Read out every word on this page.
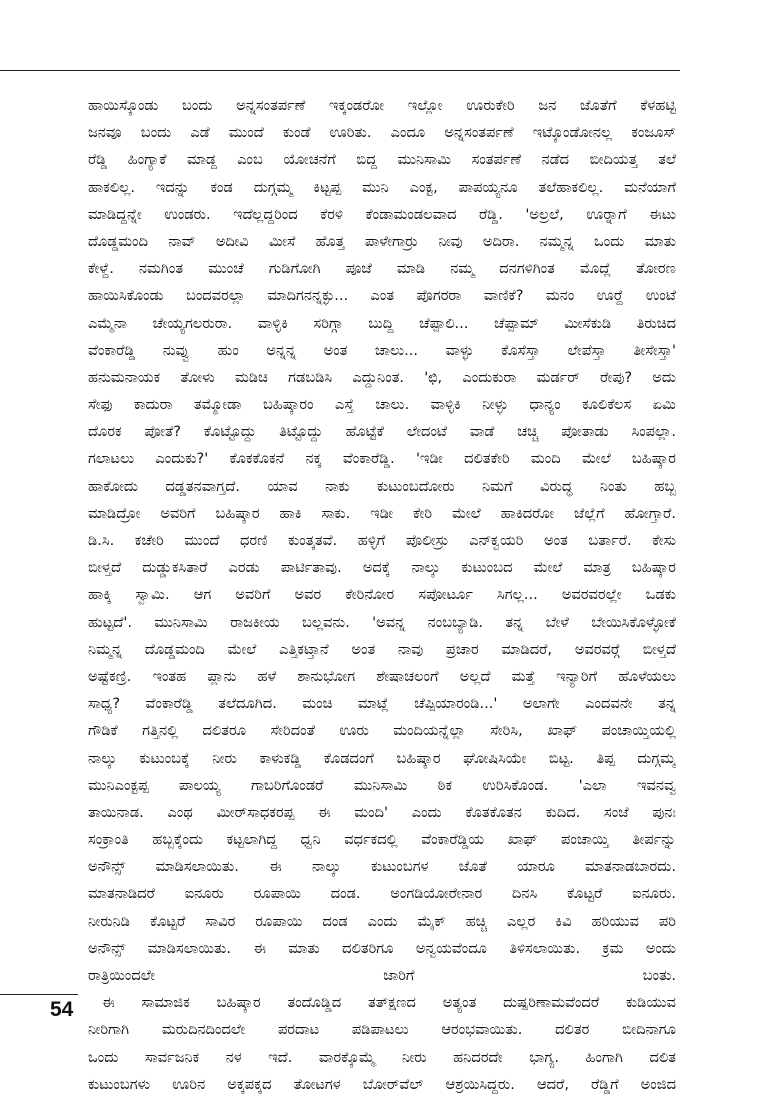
ಹಾಯಿಸ್ಕೊಂಡು ಬಂದು ಅನ್ನಸಂತರ್ಪಣೆ ಇಕ್ಕಂಡರೋ ಇಲ್ಲೋ ಊರುಕೇರಿ ಜನ ಜೊತೆಗೆ ಕೆಳಹಟ್ಟಿ
ಜನವೂ ಬಂದು ಎಡೆ ಮುಂದೆ ಕುಂಡೆ ಊರಿತು. ಎಂದೂ ಅನ್ನಸಂತರ್ಪಣೆ ಇಟ್ಕೊಂಡೋನಲ್ಲ ಕಂಜೂಸ್
ರೆಡ್ಡಿ ಹಿಂಗ್ಯಾಕೆ ಮಾಡ್ದ ಎಂಬ ಯೋಚನೆಗೆ ಬಿದ್ದ ಮುನಿಸಾಮಿ ಸಂತರ್ಪಣೆ ನಡೆದ ಬೀದಿಯತ್ತ ತಲೆ
ಹಾಕಲಿಲ್ಲ. ಇದನ್ನು ಕಂಡ ದುಗ್ಗಮ್ಮ ಕಿಟ್ಟಪ್ಪ ಮುನಿ ಎಂಕ್ಟ, ಪಾಪಯ್ಯನೂ ತಲೆಹಾಕಲಿಲ್ಲ. ಮನೆಯಾಗೆ
ಮಾಡಿದ್ದನ್ನೇ ಉಂಡರು. ಇದೆಲ್ಲದ್ದರಿಂದ ಕೆರಳಿ ಕೆಂಡಾಮಂಡಲವಾದ ರೆಡ್ಡಿ. 'ಅಲ್ರಲೆ, ಊರ್‍ನಾಗೆ ಈಟು
ದೊಡ್ಡಮಂದಿ ನಾವ್ ಅದೀವಿ ಮೀಸೆ ಹೊತ್ತ ಪಾಳೇಗಾರ್‍ರು ನೀವು ಅದಿರಾ. ನಮ್ಮನ್ನ ಒಂದು ಮಾತು
ಕೇಳ್ದೆ. ನಮಗಿಂತ ಮುಂಚೆ ಗುಡಿಗೋಗಿ ಪೂಜೆ ಮಾಡಿ ನಮ್ಮ ದನಗಳಿಗಿಂತ ಮೊದ್ಲೆ ತೋರಣ
ಹಾಯಿಸಿಕೊಂಡು ಬಂದವರಲ್ಲಾ ಮಾದಿಗನನ್ನಕ್ಳು... ಎಂತ ಪೊಗರರಾ ವಾಣಿಕೆ? ಮನಂ ಊರ್‍ದೆ ಉಂಟೆ
ಎಮ್ಮೆನಾ ಚೇಯ್ಯಗಲರುರಾ. ವಾಳ್ಳಿಕಿ ಸರಿಗ್ಗಾ ಬುದ್ದಿ ಚೆಪ್ಪಾಲಿ... ಚೆಪ್ಪಾಮ್ ಮೀಸೆಕುಡಿ ತಿರುಚಿದ
ವೆಂಕಾರೆಡ್ಡಿ ನುವ್ವು ಹುಂ ಅನ್ನನ್ನ ಅಂತ ಚಾಲು... ವಾಳ್ಳು ಕೊಸೆಸ್ತಾ ಲೇಪೆಸ್ತಾ ತೀಸೇಸ್ತಾ'
ಹನುಮನಾಯಕ ತೋಳು ಮಡಿಚಿ ಗಡಬಡಿಸಿ ಎದ್ದುನಿಂತ. 'ಛಿ, ಎಂದುಕುರಾ ಮರ್ಡರ್ ರೇಪು? ಅದು
ಸೇಫು ಕಾದುರಾ ತಮ್ಮೋಡಾ ಬಹಿಷ್ಕಾರಂ ಎಸ್ತೆ ಚಾಲು. ವಾಳ್ಳಿಕಿ ನೀಳ್ಳು ಧಾನ್ಯಂ ಕೂಲಿಕೆಲಸ ಏಮಿ
ದೊರಕ ಪೋತೆ? ಕೊಟ್ಟೊದ್ದು ತಿಟ್ಟೊದ್ದು ಹೊಟ್ಟೆಕೆ ಲೇದಂಟೆ ವಾಡೆ ಚಚ್ಚಿ ಪೋತಾಡು ಸಿಂಪಲ್ಲಾ.
ಗಲಾಟಲು ಎಂದುಕು?' ಕೊಕಕೊಕನೆ ನಕ್ಕ ವೆಂಕಾರೆಡ್ಡಿ. 'ಇಡೀ ದಲಿತಕೇರಿ ಮಂದಿ ಮೇಲೆ ಬಹಿಷ್ಕಾರ
ಹಾಕೋದು ದಡ್ಡತನವಾಗ್ತದೆ. ಯಾವ ನಾಕು ಕುಟುಂಬದೋರು ನಿಮಗೆ ವಿರುದ್ಧ ನಿಂತು ಹಬ್ಬ
ಮಾಡಿದ್ರೋ ಅವರಿಗೆ ಬಹಿಷ್ಕಾರ ಹಾಕಿ ಸಾಕು. ಇಡೀ ಕೇರಿ ಮೇಲೆ ಹಾಕಿದರೋ ಜೆಲ್ಲೆಗೆ ಹೋಗ್ತಾರೆ.
ಡಿ.ಸಿ. ಕಚೇರಿ ಮುಂದೆ ಧರಣಿ ಕುಂತ್ಕತವೆ. ಹಳ್ಳಿಗೆ ಪೊಲೀಸ್ರು ಎನ್‍ಕ್ವಯರಿ ಅಂತ ಬರ್ತಾರೆ. ಕೇಸು
ಬೀಳ್ತದೆ ದುಡ್ಡುಕಸಿತಾರೆ ಎರಡು ಪಾರ್ಟಿತಾವು. ಅದಕ್ಕೆ ನಾಲ್ಕು ಕುಟುಂಬದ ಮೇಲೆ ಮಾತ್ರ ಬಹಿಷ್ಕಾರ
ಹಾಕ್ಕಿ ಸ್ವಾಮಿ. ಆಗ ಅವರಿಗೆ ಅವರ ಕೇರಿನೋರ ಸಪೋರ್ಟೂ ಸಿಗಲ್ಲ... ಅವರವರಲ್ಲೇ ಒಡಕು
ಹುಟ್ಟದೆ'. ಮುನಿಸಾಮಿ ರಾಜಕೀಯ ಬಲ್ಲವನು. 'ಅವನ್ನ ನಂಬಬ್ಯಾಡಿ. ತನ್ನ ಬೇಳೆ ಬೇಯಿಸಿಕೊಳ್ಳೋಕೆ
ನಿಮ್ಮನ್ನ ದೊಡ್ಡಮಂದಿ ಮೇಲೆ ಎತ್ತಿಕಟ್ತಾನೆ ಅಂತ ನಾವು ಪ್ರಚಾರ ಮಾಡಿದರೆ, ಅವರವರ್‍ಗೆ ಬೀಳ್ತದೆ
ಅಷ್ಟೆಕಣ್ರಿ. ಇಂತಹ ಪ್ಲಾನು ಹಳೆ ಶಾನುಭೋಗ ಶೇಷಾಚಲಂಗೆ ಅಲ್ಲದೆ ಮತ್ತೆ ಇನ್ಯಾರಿಗೆ ಹೊಳೆಯಲು
ಸಾಧ್ಯ? ವೆಂಕಾರೆಡ್ಡಿ ತಲೆದೂಗಿದ. ಮಂಚಿ ಮಾಟ್ಲೆ ಚೆಪ್ಪಿಯಾರಂಡಿ...' ಅಲಾಗೇ ಎಂದವನೇ ತನ್ನ
ಗೌಡಿಕೆ ಗತ್ತಿನಲ್ಲಿ ದಲಿತರೂ ಸೇರಿದಂತೆ ಊರು ಮಂದಿಯನ್ನೆಲ್ಲಾ ಸೇರಿಸಿ, ಖಾಫ್ ಪಂಚಾಯ್ತಿಯಲ್ಲಿ
ನಾಲ್ಕು ಕುಟುಂಬಕ್ಕೆ ನೀರು ಕಾಳುಕಡ್ಡಿ ಕೊಡದಂಗೆ ಬಹಿಷ್ಕಾರ ಘೋಷಿಸಿಯೇ ಬಿಟ್ಟ. ತಿಪ್ಪ ದುಗ್ಗಮ್ಮ
ಮುನಿಎಂಕ್ಟಪ್ಪ ಪಾಲಯ್ಯ ಗಾಬರಿಗೊಂಡರೆ ಮುನಿಸಾಮಿ ಠಿಕ ಉರಿಸಿಕೊಂಡ. 'ಎಲಾ ಇವನವ್ವ
ತಾಯಿನಾಡ. ಎಂಥ ಮೀರ್‌ಸಾಧಕರಪ್ಪ ಈ ಮಂದಿ' ಎಂದು ಕೊತಕೊತನ ಕುದಿದ. ಸಂಜೆ ಪುನಃ
ಸಂಕ್ರಾಂತಿ ಹಬ್ಬಕ್ಕೆಂದು ಕಟ್ಟಲಾಗಿದ್ದ ಧ್ವನಿ ವರ್ಧಕದಲ್ಲಿ ವೆಂಕಾರೆಡ್ಡಿಯ ಖಾಫ್ ಪಂಚಾಯ್ತಿ ತೀರ್ಪನ್ನು
ಅನೌನ್ಸ್ ಮಾಡಿಸಲಾಯಿತು. ಈ ನಾಲ್ಕು ಕುಟುಂಬಗಳ ಜೊತೆ ಯಾರೂ ಮಾತನಾಡಬಾರದು.
ಮಾತನಾಡಿದರೆ ಐನೂರು ರೂಪಾಯಿ ದಂಡ. ಅಂಗಡಿಯೋರೇನಾರ ದಿನಸಿ ಕೊಟ್ಟರೆ ಐನೂರು.
ನೀರುನಿಡಿ ಕೊಟ್ಟರೆ ಸಾವಿರ ರೂಪಾಯಿ ದಂಡ ಎಂದು ಮೈಕ್ ಹಚ್ಚಿ ಎಲ್ಲರ ಕಿವಿ ಹರಿಯುವ ಪರಿ
ಅನೌನ್ಸ್ ಮಾಡಿಸಲಾಯಿತು. ಈ ಮಾತು ದಲಿತರಿಗೂ ಅನ್ವಯವೆಂದೂ ತಿಳಿಸಲಾಯಿತು. ಕ್ರಮ ಅಂದು
ರಾತ್ರಿಯಿಂದಲೇ ಜಾರಿಗೆ ಬಂತು.
ಈ ಸಾಮಾಜಿಕ ಬಹಿಷ್ಕಾರ ತಂದೊಡ್ಡಿದ ತತ್‍ಕ್ಷಣದ ಅತ್ಯಂತ ದುಷ್ಪರಿಣಾಮವೆಂದರೆ ಕುಡಿಯುವ
ನೀರಿಗಾಗಿ ಮರುದಿನದಿಂದಲೇ ಪರದಾಟ ಪಡಿಪಾಟಲು ಆರಂಭವಾಯಿತು. ದಲಿತರ ಬೀದಿನಾಗೂ
ಒಂದು ಸಾರ್ವಜನಿಕ ನಳ ಇದೆ. ವಾರಕ್ಕೊಮ್ಮೆ ನೀರು ಹನಿದರದೇ ಭಾಗ್ಯ. ಹಿಂಗಾಗಿ ದಲಿತ
ಕುಟುಂಬಗಳು ಊರಿನ ಅಕ್ಕಪಕ್ಕದ ತೋಟಗಳ ಬೋರ್‌ವೆಲ್ ಆಶ್ರಯಿಸಿದ್ದರು. ಆದರೆ, ರೆಡ್ಡಿಗೆ ಅಂಜಿದ
54
